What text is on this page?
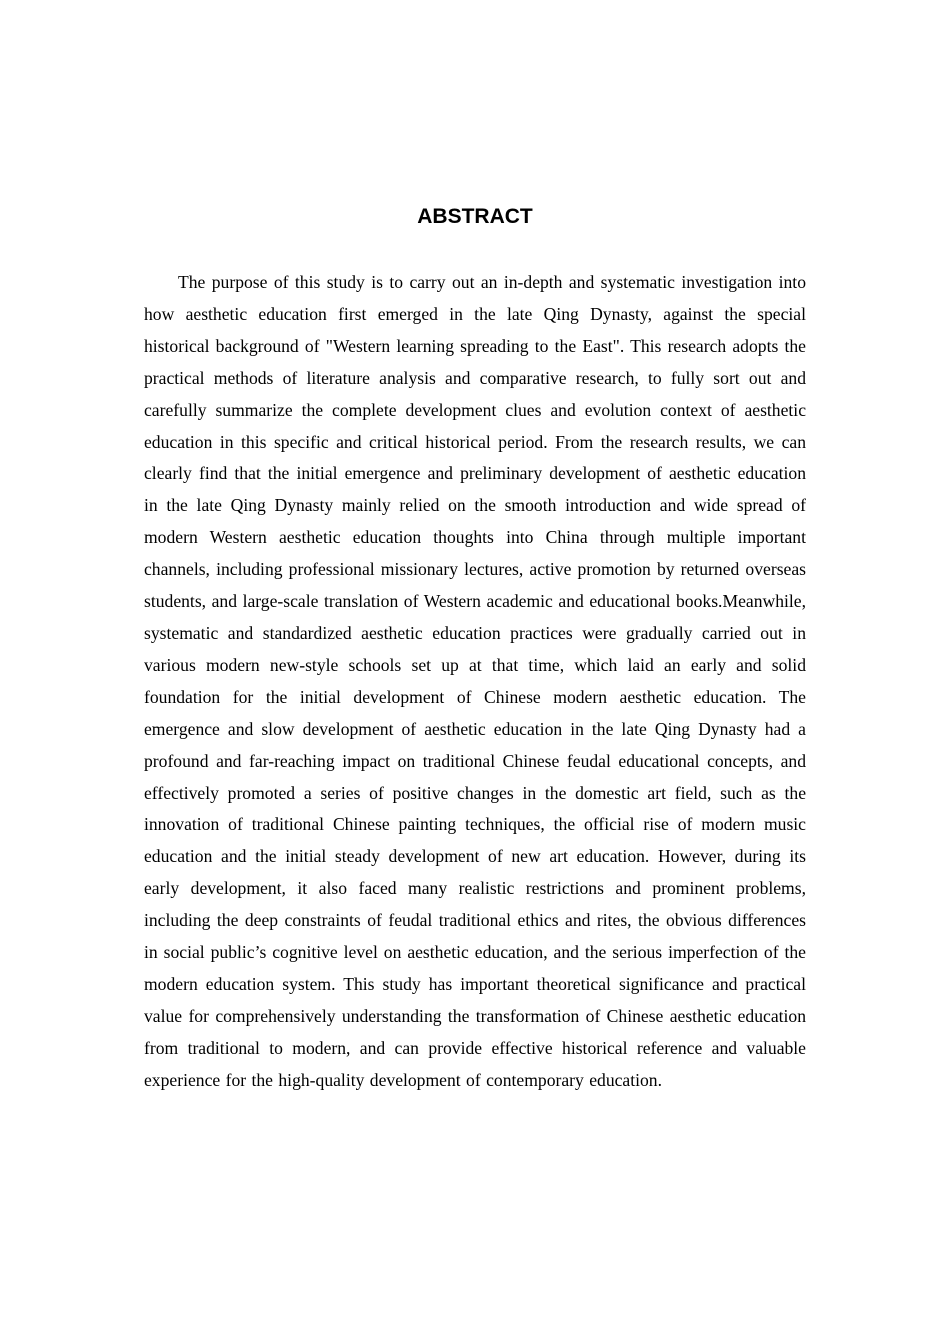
ABSTRACT

The purpose of this study is to carry out an in-depth and systematic investigation into how aesthetic education first emerged in the late Qing Dynasty, against the special historical background of "Western learning spreading to the East". This research adopts the practical methods of literature analysis and comparative research, to fully sort out and carefully summarize the complete development clues and evolution context of aesthetic education in this specific and critical historical period. From the research results, we can clearly find that the initial emergence and preliminary development of aesthetic education in the late Qing Dynasty mainly relied on the smooth introduction and wide spread of modern Western aesthetic education thoughts into China through multiple important channels, including professional missionary lectures, active promotion by returned overseas students, and large-scale translation of Western academic and educational books.Meanwhile, systematic and standardized aesthetic education practices were gradually carried out in various modern new-style schools set up at that time, which laid an early and solid foundation for the initial development of Chinese modern aesthetic education. The emergence and slow development of aesthetic education in the late Qing Dynasty had a profound and far-reaching impact on traditional Chinese feudal educational concepts, and effectively promoted a series of positive changes in the domestic art field, such as the innovation of traditional Chinese painting techniques, the official rise of modern music education and the initial steady development of new art education. However, during its early development, it also faced many realistic restrictions and prominent problems, including the deep constraints of feudal traditional ethics and rites, the obvious differences in social public’s cognitive level on aesthetic education, and the serious imperfection of the modern education system. This study has important theoretical significance and practical value for comprehensively understanding the transformation of Chinese aesthetic education from traditional to modern, and can provide effective historical reference and valuable experience for the high-quality development of contemporary education.
